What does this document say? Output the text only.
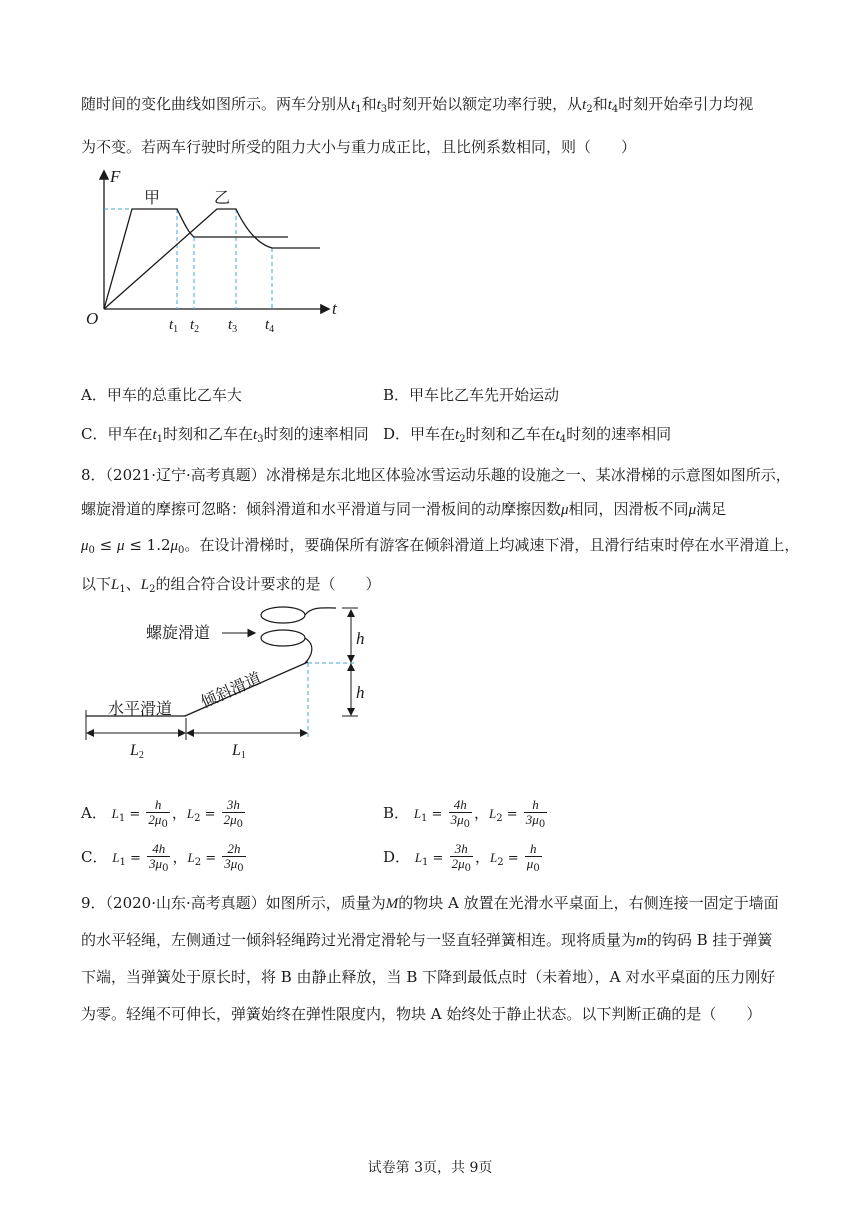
随时间的变化曲线如图所示。两车分别从$t_1$和$t_3$时刻开始以额定功率行驶，从$t_2$和$t_4$时刻开始牵引力均视
为不变。若两车行驶时所受的阻力大小与重力成正比，且比例系数相同，则（　　）
F
t
O
甲	乙
$t_1$ $t_2$ $t_3$ $t_4$
A．甲车的总重比乙车大	B．甲车比乙车先开始运动
C．甲车在$t_1$时刻和乙车在$t_3$时刻的速率相同 D．甲车在$t_2$时刻和乙车在$t_4$时刻的速率相同
8．（2021·辽宁·高考真题）冰滑梯是东北地区体验冰雪运动乐趣的设施之一、某冰滑梯的示意图如图所示，
螺旋滑道的摩擦可忽略：倾斜滑道和水平滑道与同一滑板间的动摩擦因数μ相同，因滑板不同μ满足
$\mu_0 \le \mu \le 1.2\mu_0$。在设计滑梯时，要确保所有游客在倾斜滑道上均减速下滑，且滑行结束时停在水平滑道上，
以下$L_1$、$L_2$的组合符合设计要求的是（　　）
h
h
L2	L1
螺旋滑道
水平滑道 倾斜滑道
A． $L_1 = \frac{h}{2\mu_0}$ ，$L_2 = \frac{3h}{2\mu_0}$	B． $L_1 = \frac{4h}{3\mu_0}$ ，$L_2 = \frac{h}{3\mu_0}$
C． $L_1 = \frac{4h}{3\mu_0}$ ，$L_2 = \frac{2h}{3\mu_0}$	D． $L_1 = \frac{3h}{2\mu_0}$ ，$L_2 = \frac{h}{\mu_0}$
9．（2020·山东·高考真题）如图所示，质量为M的物块 A 放置在光滑水平桌面上，右侧连接一固定于墙面
的水平轻绳，左侧通过一倾斜轻绳跨过光滑定滑轮与一竖直轻弹簧相连。现将质量为m的钩码 B 挂于弹簧
下端，当弹簧处于原长时，将 B 由静止释放，当 B 下降到最低点时（未着地），A 对水平桌面的压力刚好
为零。轻绳不可伸长，弹簧始终在弹性限度内，物块 A 始终处于静止状态。以下判断正确的是（　　）
试卷第 3页，共 9页
